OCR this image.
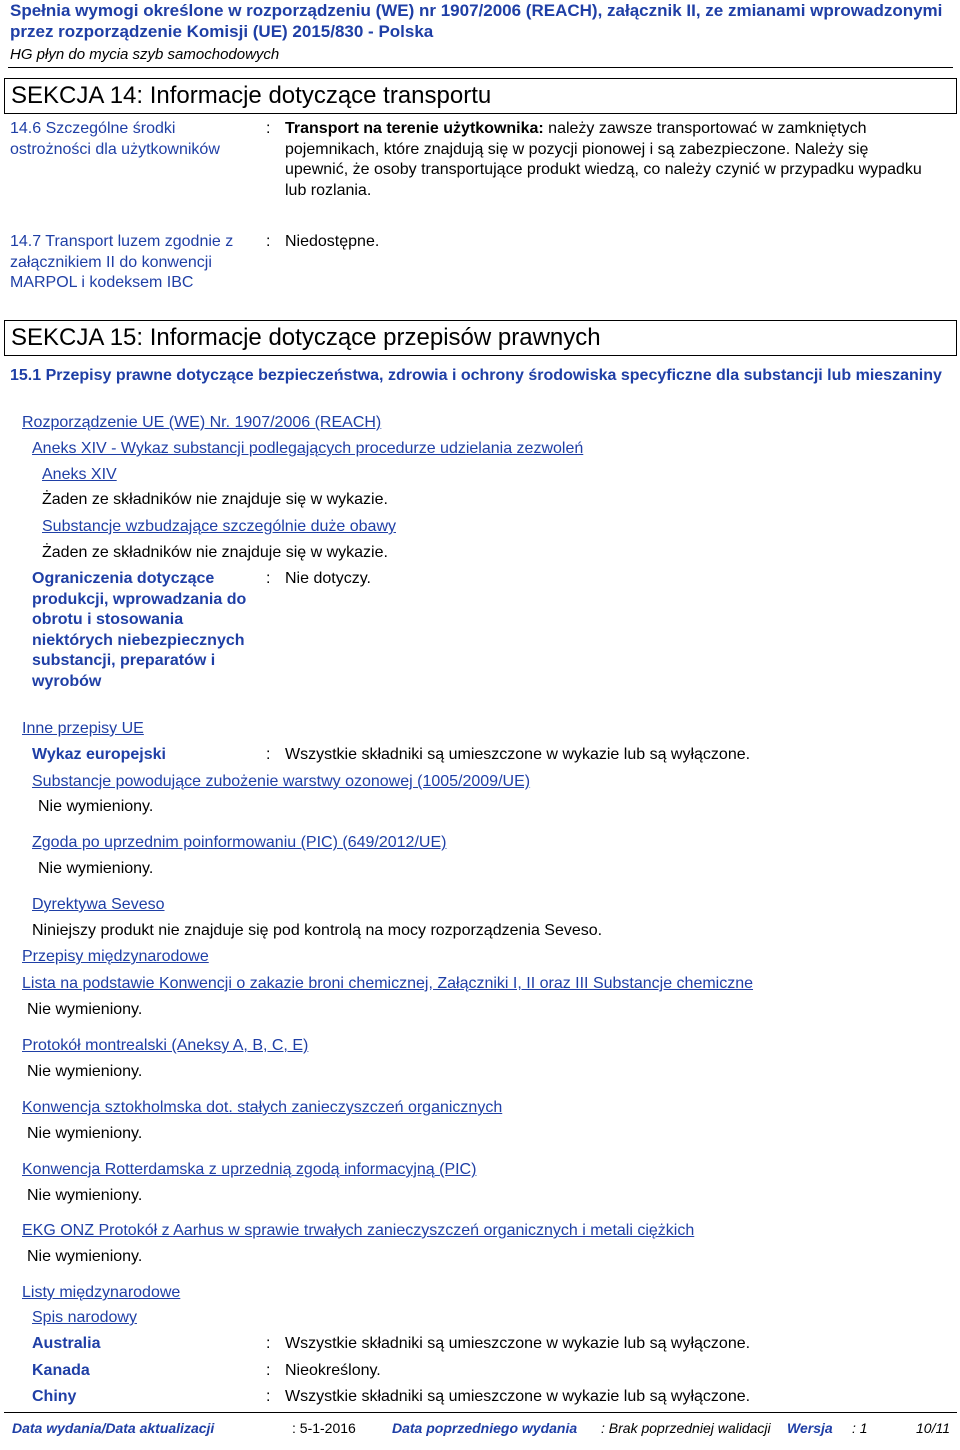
Spełnia wymogi określone w rozporządzeniu (WE) nr 1907/2006 (REACH), załącznik II, ze zmianami wprowadzonymi przez rozporządzenie Komisji (UE) 2015/830 - Polska
HG płyn do mycia szyb samochodowych
SEKCJA 14: Informacje dotyczące transportu
14.6 Szczególne środki ostrożności dla użytkowników
: Transport na terenie użytkownika: należy zawsze transportować w zamkniętych pojemnikach, które znajdują się w pozycji pionowej i są zabezpieczone. Należy się upewnić, że osoby transportujące produkt wiedzą, co należy czynić w przypadku wypadku lub rozlania.
14.7 Transport luzem zgodnie z załącznikiem II do konwencji MARPOL i kodeksem IBC
: Niedostępne.
SEKCJA 15: Informacje dotyczące przepisów prawnych
15.1 Przepisy prawne dotyczące bezpieczeństwa, zdrowia i ochrony środowiska specyficzne dla substancji lub mieszaniny
Rozporządzenie UE (WE) Nr. 1907/2006 (REACH)
Aneks XIV - Wykaz substancji podlegających procedurze udzielania zezwoleń
Aneks XIV
Żaden ze składników nie znajduje się w wykazie.
Substancje wzbudzające szczególnie duże obawy
Żaden ze składników nie znajduje się w wykazie.
Ograniczenia dotyczące produkcji, wprowadzania do obrotu i stosowania niektórych niebezpiecznych substancji, preparatów i wyrobów
: Nie dotyczy.
Inne przepisy UE
Wykaz europejski	: Wszystkie składniki są umieszczone w wykazie lub są wyłączone.
Substancje powodujące zubożenie warstwy ozonowej (1005/2009/UE)
Nie wymieniony.
Zgoda po uprzednim poinformowaniu (PIC) (649/2012/UE)
Nie wymieniony.
Dyrektywa Seveso
Niniejszy produkt nie znajduje się pod kontrolą na mocy rozporządzenia Seveso.
Przepisy międzynarodowe
Lista na podstawie Konwencji o zakazie broni chemicznej, Załączniki I, II oraz III Substancje chemiczne
Nie wymieniony.
Protokół montrealski (Aneksy A, B, C, E)
Nie wymieniony.
Konwencja sztokholmska dot. stałych zanieczyszczeń organicznych
Nie wymieniony.
Konwencja Rotterdamska z uprzednią zgodą informacyjną (PIC)
Nie wymieniony.
EKG ONZ Protokół z Aarhus w sprawie trwałych zanieczyszczeń organicznych i metali ciężkich
Nie wymieniony.
Listy międzynarodowe
Spis narodowy
Australia	: Wszystkie składniki są umieszczone w wykazie lub są wyłączone.
Kanada	: Nieokreślony.
Chiny	: Wszystkie składniki są umieszczone w wykazie lub są wyłączone.
Data wydania/Data aktualizacji	: 5-1-2016	Data poprzedniego wydania : Brak poprzedniej walidacji Wersja : 1	10/11
